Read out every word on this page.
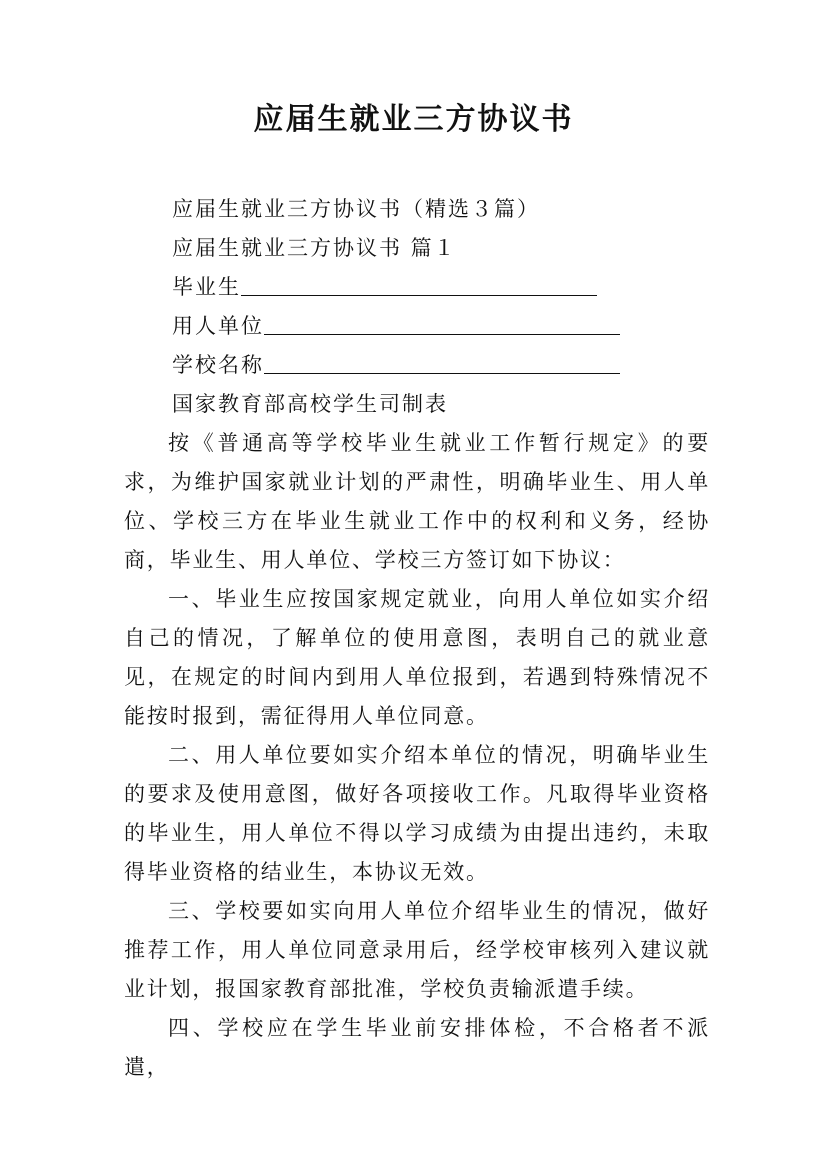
应届生就业三方协议书

应届生就业三方协议书（精选３篇）

应届生就业三方协议书 篇１

毕业生

用人单位

学校名称

国家教育部高校学生司制表

按《普通高等学校毕业生就业工作暂行规定》的要求，为维护国家就业计划的严肃性，明确毕业生、用人单位、学校三方在毕业生就业工作中的权利和义务，经协商，毕业生、用人单位、学校三方签订如下协议：

一、毕业生应按国家规定就业，向用人单位如实介绍自己的情况，了解单位的使用意图，表明自己的就业意见，在规定的时间内到用人单位报到，若遇到特殊情况不能按时报到，需征得用人单位同意。

二、用人单位要如实介绍本单位的情况，明确毕业生的要求及使用意图，做好各项接收工作。凡取得毕业资格的毕业生，用人单位不得以学习成绩为由提出违约，未取得毕业资格的结业生，本协议无效。

三、学校要如实向用人单位介绍毕业生的情况，做好推荐工作，用人单位同意录用后，经学校审核列入建议就业计划，报国家教育部批准，学校负责输派遣手续。

四、学校应在学生毕业前安排体检，不合格者不派遣，
